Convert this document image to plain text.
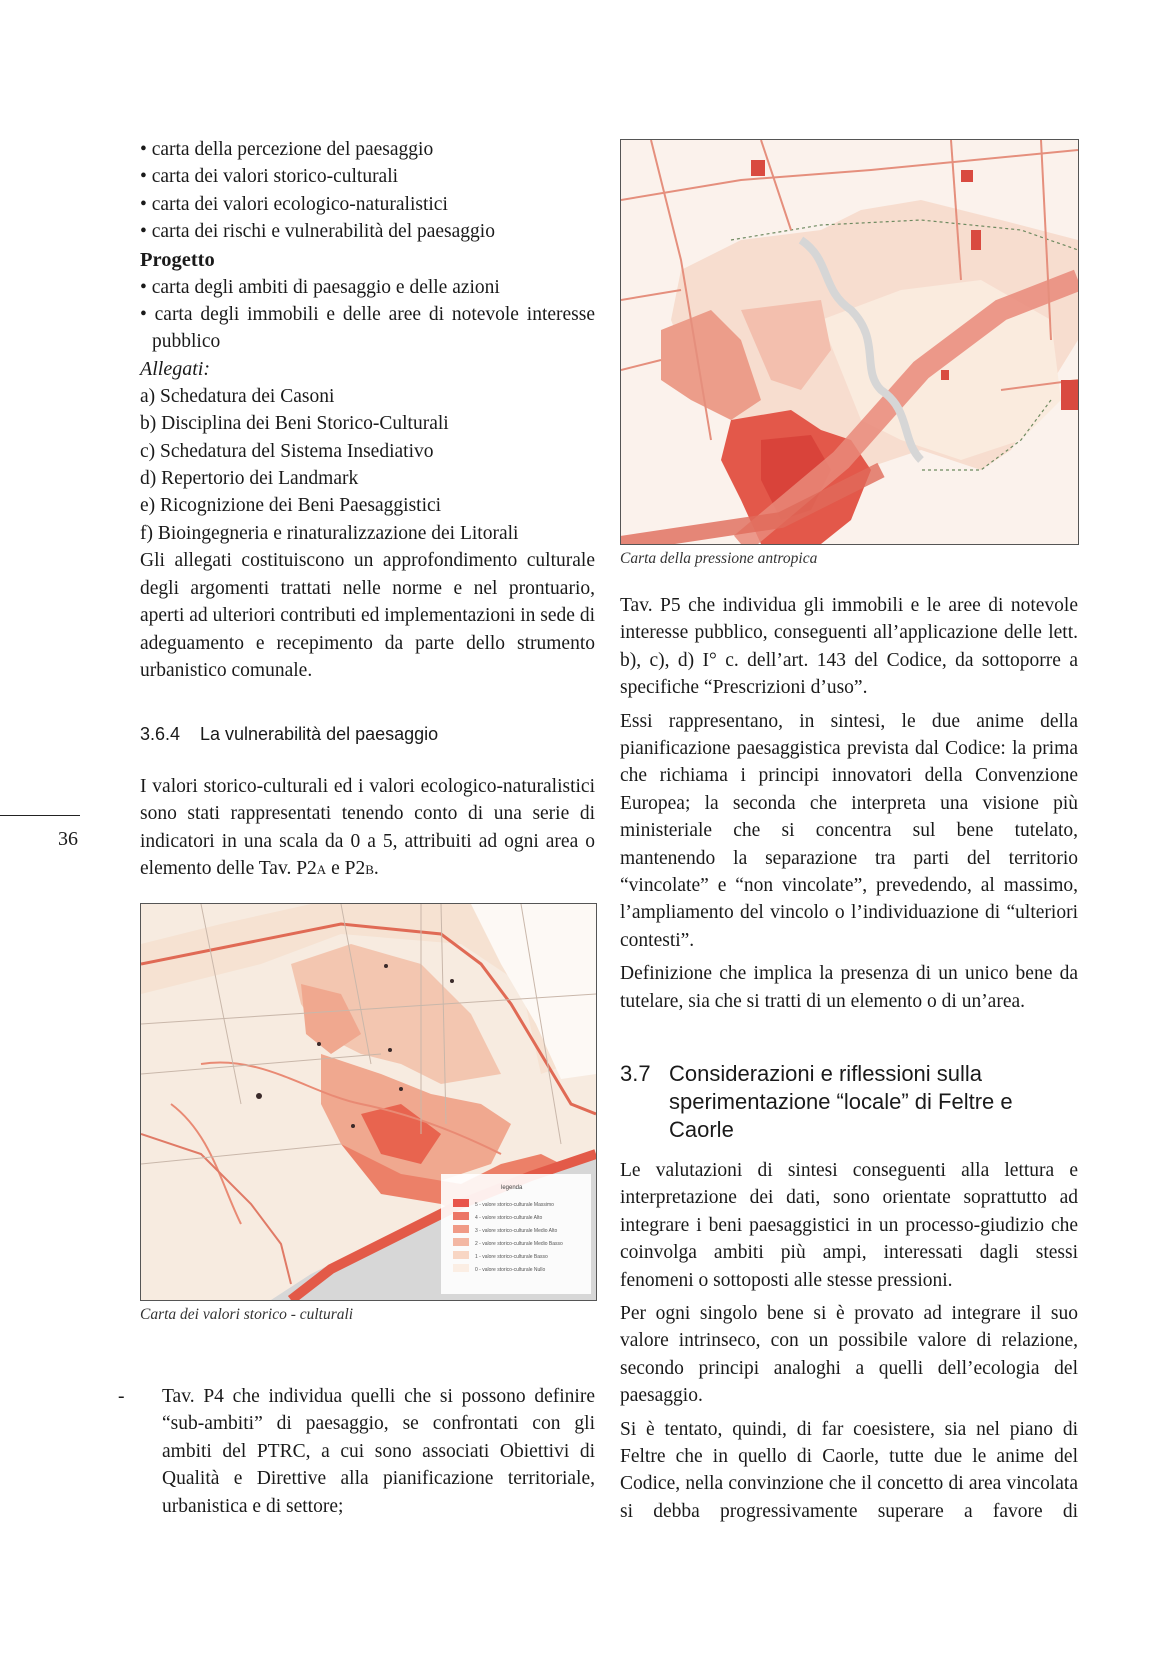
36

• carta della percezione del paesaggio

• carta dei valori storico-culturali

• carta dei valori ecologico-naturalistici

• carta dei rischi e vulnerabilità del paesaggio

Progetto

• carta degli ambiti di paesaggio e delle azioni

• carta degli immobili e delle aree di notevole interesse pubblico

Allegati:

a) Schedatura dei Casoni

b) Disciplina dei Beni Storico-Culturali

c) Schedatura del Sistema Insediativo

d) Repertorio dei Landmark

e) Ricognizione dei Beni Paesaggistici

f) Bioingegneria e rinaturalizzazione dei Litorali

Gli allegati costituiscono un approfondimento culturale degli argomenti trattati nelle norme e nel prontuario, aperti ad ulteriori contributi ed implementazioni in sede di adeguamento e recepimento da parte dello strumento urbanistico comunale.

3.6.4 La vulnerabilità del paesaggio

I valori storico-culturali ed i valori ecologico-naturalistici sono stati rappresentati tenendo conto di una serie di indicatori in una scala da 0 a 5, attribuiti ad ogni area o elemento delle Tav. P2A e P2B.

legenda
5 - valore storico-culturale Massimo
4 - valore storico-culturale Alto
3 - valore storico-culturale Medio Alto
2 - valore storico-culturale Medio Basso
1 - valore storico-culturale Basso
0 - valore storico-culturale Nullo
Carta dei valori storico - culturali

- Tav. P4 che individua quelli che si possono definire “sub-ambiti” di paesaggio, se confrontati con gli ambiti del PTRC, a cui sono associati Obiettivi di Qualità e Direttive alla pianificazione territoriale, urbanistica e di settore;

Carta della pressione antropica

Tav. P5 che individua gli immobili e le aree di notevole interesse pubblico, conseguenti all’applicazione delle lett. b), c), d) I° c. dell’art. 143 del Codice, da sottoporre a specifiche “Prescrizioni d’uso”.

Essi rappresentano, in sintesi, le due anime della pianificazione paesaggistica prevista dal Codice: la prima che richiama i principi innovatori della Convenzione Europea; la seconda che interpreta una visione più ministeriale che si concentra sul bene tutelato, mantenendo la separazione tra parti del territorio “vincolate” e “non vincolate”, prevedendo, al massimo, l’ampliamento del vincolo o l’individuazione di “ulteriori contesti”.

Definizione che implica la presenza di un unico bene da tutelare, sia che si tratti di un elemento o di un’area.

3.7 Considerazioni e riflessioni sulla sperimentazione “locale” di Feltre e Caorle

Le valutazioni di sintesi conseguenti alla lettura e interpretazione dei dati, sono orientate soprattutto ad integrare i beni paesaggistici in un processo-giudizio che coinvolga ambiti più ampi, interessati dagli stessi fenomeni o sottoposti alle stesse pressioni.

Per ogni singolo bene si è provato ad integrare il suo valore intrinseco, con un possibile valore di relazione, secondo principi analoghi a quelli dell’ecologia del paesaggio.

Si è tentato, quindi, di far coesistere, sia nel piano di Feltre che in quello di Caorle, tutte due le anime del Codice, nella convinzione che il concetto di area vincolata si debba progressivamente superare a favore di
